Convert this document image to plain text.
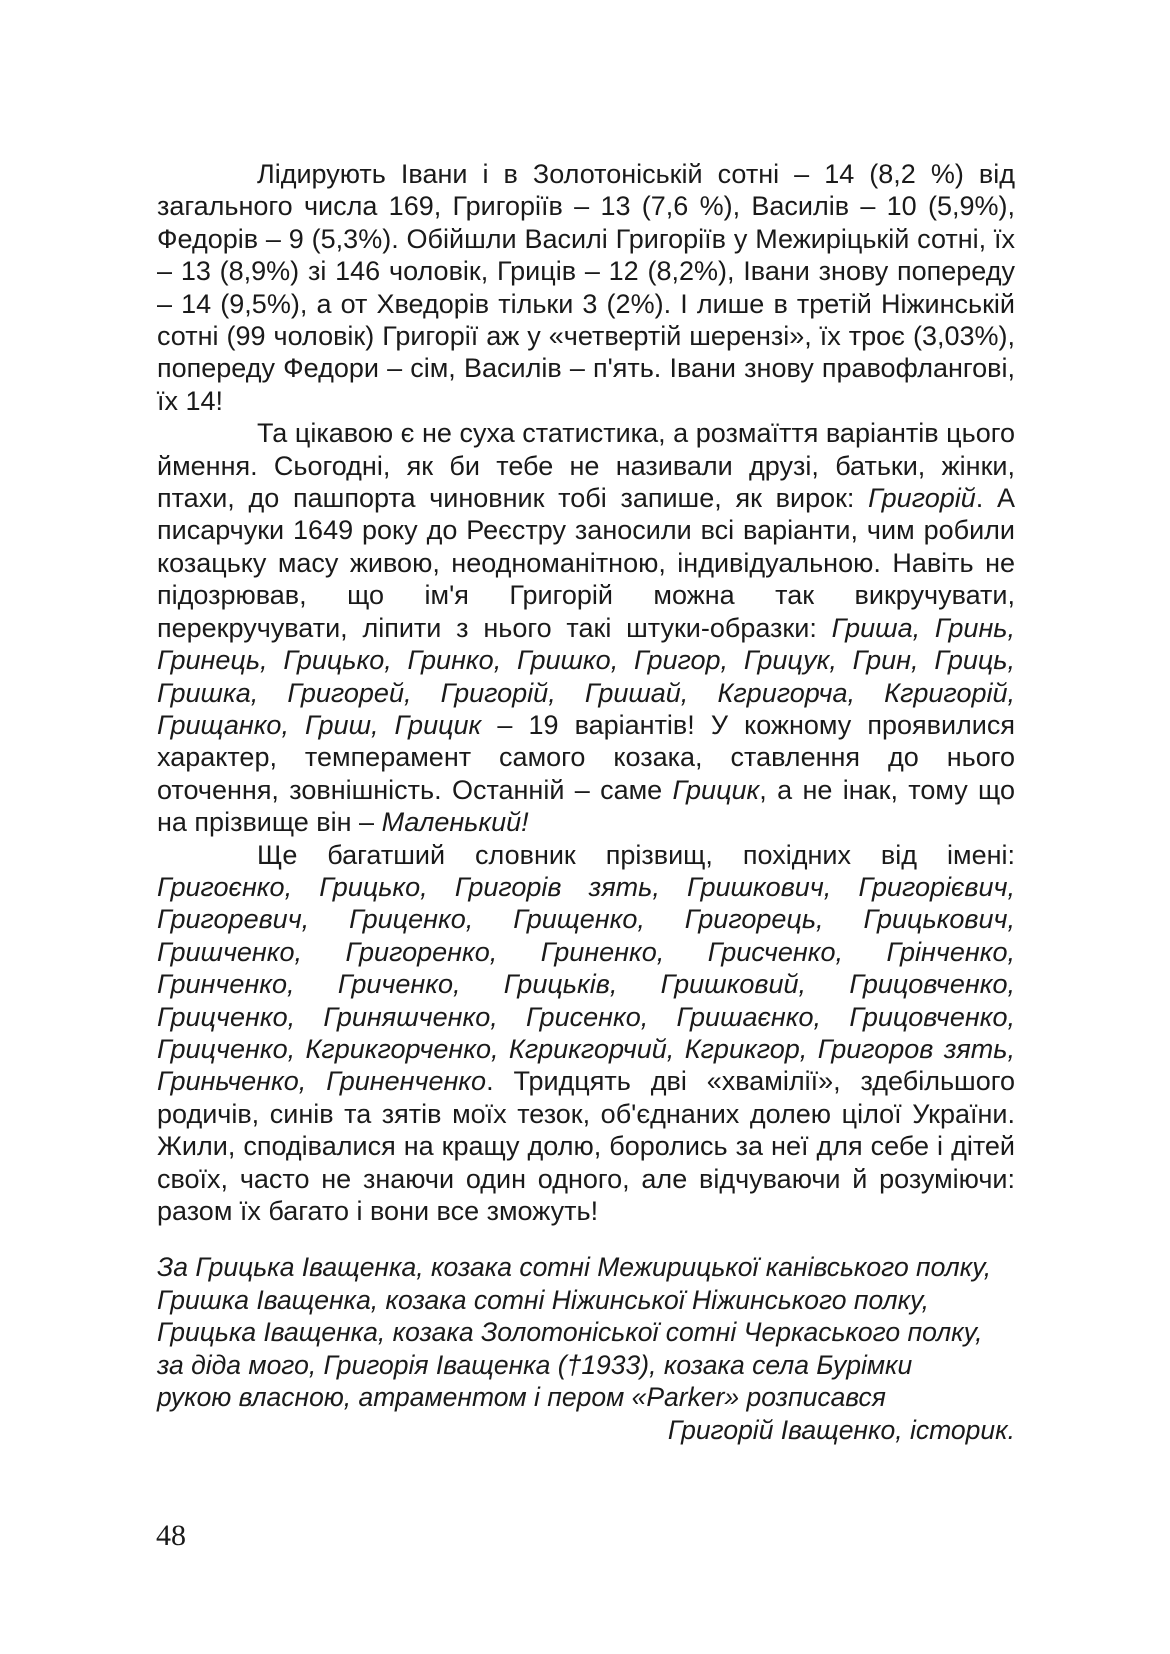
Лідирують Івани і в Золотоніській сотні – 14 (8,2 %) від загального числа 169, Григоріїв – 13 (7,6 %), Василів – 10 (5,9%), Федорів – 9 (5,3%). Обійшли Василі Григоріїв у Межиріцькій сотні, їх – 13 (8,9%) зі 146 чоловік, Гриців – 12 (8,2%), Івани знову попереду – 14 (9,5%), а от Хведорів тільки 3 (2%). І лише в третій Ніжинській сотні (99 чоловік) Григорії аж у «четвертій шерензі», їх троє (3,03%), попереду Федори – сім, Василів – п'ять. Івани знову правофлангові, їх 14!

Та цікавою є не суха статистика, а розмаїття варіантів цього ймення. Сьогодні, як би тебе не називали друзі, батьки, жінки, птахи, до пашпорта чиновник тобі запише, як вирок: Григорій. А писарчуки 1649 року до Реєстру заносили всі варіанти, чим робили козацьку масу живою, неодноманітною, індивідуальною. Навіть не підозрював, що ім'я Григорій можна так викручувати, перекручувати, ліпити з нього такі штуки-образки: Гриша, Гринь, Гринець, Грицько, Гринко, Гришко, Григор, Грицук, Грин, Гриць, Гришка, Григорей, Григорій, Гришай, Кгригорча, Кгригорій, Грищанко, Гриш, Грицик – 19 варіантів! У кожному проявилися характер, темперамент самого козака, ставлення до нього оточення, зовнішність. Останній – саме Грицик, а не інак, тому що на прізвище він – Маленький!

Ще багатший словник прізвищ, похідних від імені: Григоєнко, Грицько, Григорів зять, Гришкович, Григорієвич, Григоревич, Гриценко, Грищенко, Григорець, Грицькович, Гришченко, Григоренко, Гриненко, Грисченко, Грінченко, Гринченко, Гриченко, Грицьків, Гришковий, Грицовченко, Грицченко, Гриняшченко, Грисенко, Гришаєнко, Грицовченко, Грицченко, Кгрикгорченко, Кгрикгорчий, Кгрикгор, Григоров зять, Гриньченко, Гриненченко. Тридцять дві «хвамілії», здебільшого родичів, синів та зятів моїх тезок, об'єднаних долею цілої України. Жили, сподівалися на кращу долю, боролись за неї для себе і дітей своїх, часто не знаючи один одного, але відчуваючи й розуміючи: разом їх багато і вони все зможуть!

За Грицька Іващенка, козака сотні Межирицької канівського полку,
Гришка Іващенка, козака сотні Ніжинської Ніжинського полку,
Грицька Іващенка, козака Золотоніської сотні Черкаського полку,
за діда мого, Григорія Іващенка (†1933), козака села Бурімки
рукою власною, атраментом і пером «Parker» розписався
Григорій Іващенко, історик.
48
